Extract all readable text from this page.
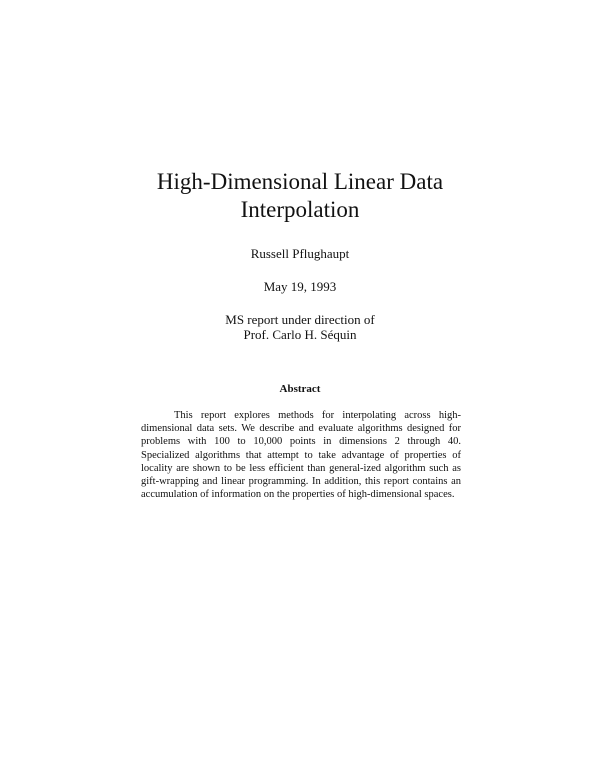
High-Dimensional Linear Data
Interpolation

Russell Pflughaupt

May 19, 1993

MS report under direction of
Prof. Carlo H. Séquin

Abstract

This report explores methods for interpolating across high-dimensional data sets. We describe and evaluate algorithms designed for problems with 100 to 10,000 points in dimensions 2 through 40. Specialized algorithms that attempt to take advantage of properties of locality are shown to be less efficient than general-ized algorithm such as gift-wrapping and linear programming. In addition, this report contains an accumulation of information on the properties of high-dimensional spaces.
